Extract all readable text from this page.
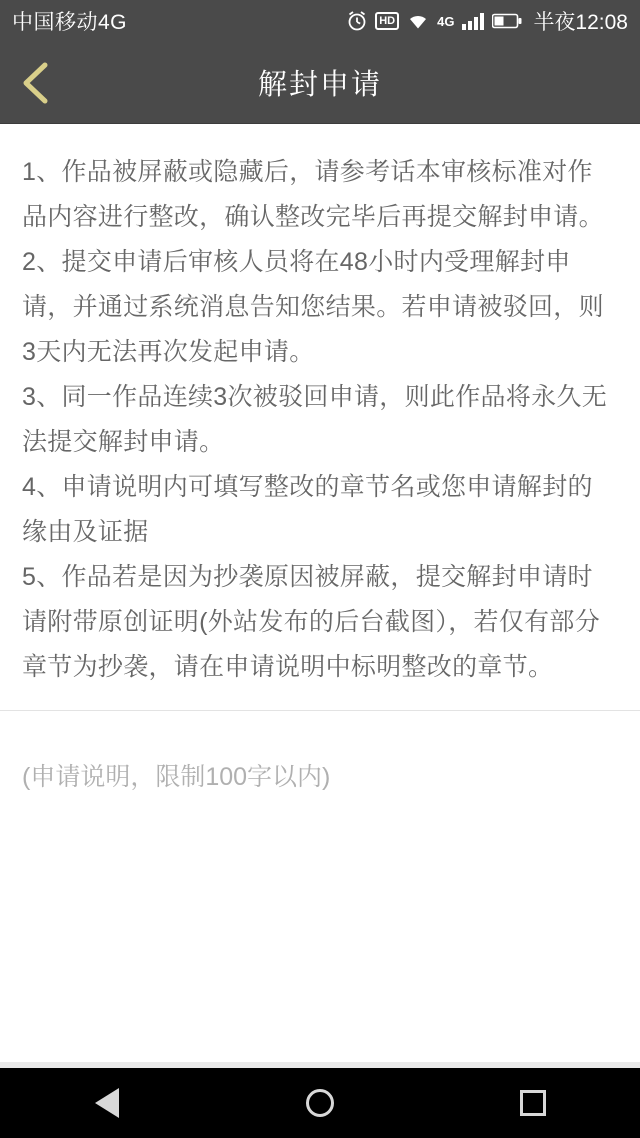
中国移动4G	HD	4G	半夜12:08
解封申请

1、作品被屏蔽或隐藏后，请参考话本审核标准对作品内容进行整改，确认整改完毕后再提交解封申请。

2、提交申请后审核人员将在48小时内受理解封申请，并通过系统消息告知您结果。若申请被驳回，则3天内无法再次发起申请。

3、同一作品连续3次被驳回申请，则此作品将永久无法提交解封申请。

4、申请说明内可填写整改的章节名或您申请解封的缘由及证据

5、作品若是因为抄袭原因被屏蔽，提交解封申请时请附带原创证明(外站发布的后台截图），若仅有部分章节为抄袭，请在申请说明中标明整改的章节。

(申请说明，限制100字以内)
